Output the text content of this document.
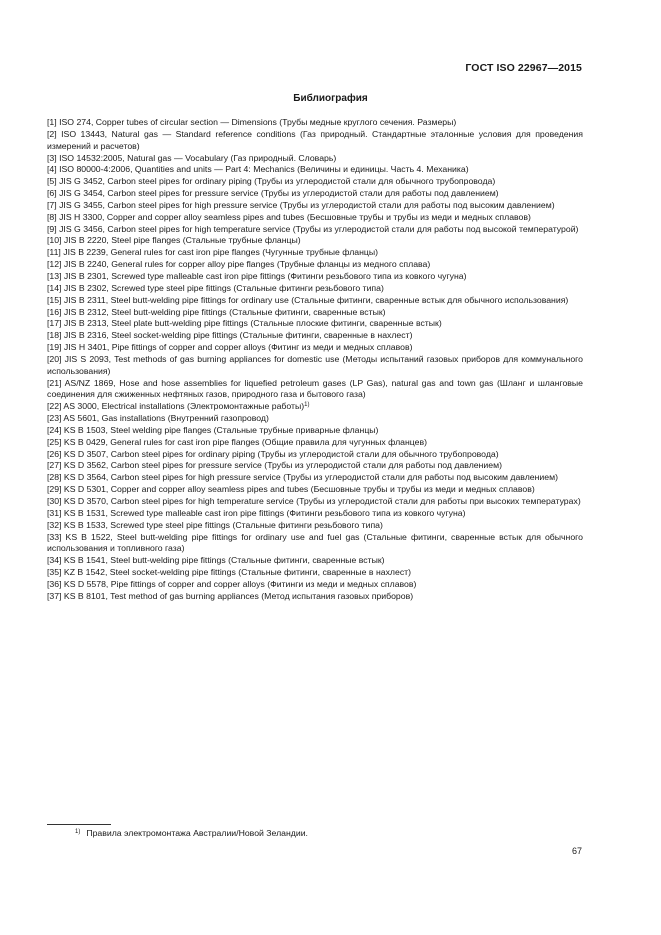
ГОСТ ISO 22967—2015
Библиография
[1] ISO 274, Copper tubes of circular section — Dimensions (Трубы медные круглого сечения. Размеры)
[2] ISO 13443, Natural gas — Standard reference conditions (Газ природный. Стандартные эталонные условия для проведения измерений и расчетов)
[3] ISO 14532:2005, Natural gas — Vocabulary (Газ природный. Словарь)
[4] ISO 80000-4:2006, Quantities and units — Part 4: Mechanics (Величины и единицы. Часть 4. Механика)
[5] JIS G 3452, Carbon steel pipes for ordinary piping (Трубы из углеродистой стали для обычного трубопровода)
[6] JIS G 3454, Carbon steel pipes for pressure service (Трубы из углеродистой стали для работы под давлением)
[7] JIS G 3455, Carbon steel pipes for high pressure service (Трубы из углеродистой стали для работы под высоким давлением)
[8] JIS H 3300, Copper and copper alloy seamless pipes and tubes (Бесшовные трубы и трубы из меди и медных сплавов)
[9] JIS G 3456, Carbon steel pipes for high temperature service (Трубы из углеродистой стали для работы под высокой температурой)
[10] JIS B 2220, Steel pipe flanges (Стальные трубные фланцы)
[11] JIS B 2239, General rules for cast iron pipe flanges (Чугунные трубные фланцы)
[12] JIS B 2240, General rules for copper alloy pipe flanges (Трубные фланцы из медного сплава)
[13] JIS B 2301, Screwed type malleable cast iron pipe fittings (Фитинги резьбового типа из ковкого чугуна)
[14] JIS B 2302, Screwed type steel pipe fittings (Стальные фитинги резьбового типа)
[15] JIS B 2311, Steel butt-welding pipe fittings for ordinary use (Стальные фитинги, сваренные встык для обычного использования)
[16] JIS B 2312, Steel butt-welding pipe fittings (Стальные фитинги, сваренные встык)
[17] JIS B 2313, Steel plate butt-welding pipe fittings (Стальные плоские фитинги, сваренные встык)
[18] JIS B 2316, Steel socket-welding pipe fittings (Стальные фитинги, сваренные в нахлест)
[19] JIS H 3401, Pipe fittings of copper and copper alloys (Фитинг из меди и медных сплавов)
[20] JIS S 2093, Test methods of gas burning appliances for domestic use (Методы испытаний газовых приборов для коммунального использования)
[21] AS/NZ 1869, Hose and hose assemblies for liquefied petroleum gases (LP Gas), natural gas and town gas (Шланг и шланговые соединения для сжиженных нефтяных газов, природного газа и бытового газа)
[22] AS 3000, Electrical installations (Электромонтажные работы)$^{1)}$
[23] AS 5601, Gas installations (Внутренний газопровод)
[24] KS B 1503, Steel welding pipe flanges (Стальные трубные приварные фланцы)
[25] KS B 0429, General rules for cast iron pipe flanges (Общие правила для чугунных фланцев)
[26] KS D 3507, Carbon steel pipes for ordinary piping (Трубы из углеродистой стали для обычного трубопровода)
[27] KS D 3562, Carbon steel pipes for pressure service (Трубы из углеродистой стали для работы под давлением)
[28] KS D 3564, Carbon steel pipes for high pressure service (Трубы из углеродистой стали для работы под высоким давлением)
[29] KS D 5301, Copper and copper alloy seamless pipes and tubes (Бесшовные трубы и трубы из меди и медных сплавов)
[30] KS D 3570, Carbon steel pipes for high temperature service (Трубы из углеродистой стали для работы при высоких температурах)
[31] KS B 1531, Screwed type malleable cast iron pipe fittings (Фитинги резьбового типа из ковкого чугуна)
[32] KS B 1533, Screwed type steel pipe fittings (Стальные фитинги резьбового типа)
[33] KS B 1522, Steel butt-welding pipe fittings for ordinary use and fuel gas (Стальные фитинги, сваренные встык для обычного использования и топливного газа)
[34] KS B 1541, Steel butt-welding pipe fittings (Стальные фитинги, сваренные встык)
[35] KZ B 1542, Steel socket-welding pipe fittings (Стальные фитинги, сваренные в нахлест)
[36] KS D 5578, Pipe fittings of copper and copper alloys (Фитинги из меди и медных сплавов)
[37] KS B 8101, Test method of gas burning appliances (Метод испытания газовых приборов)
$^{1)}$ Правила электромонтажа Австралии/Новой Зеландии.
67
